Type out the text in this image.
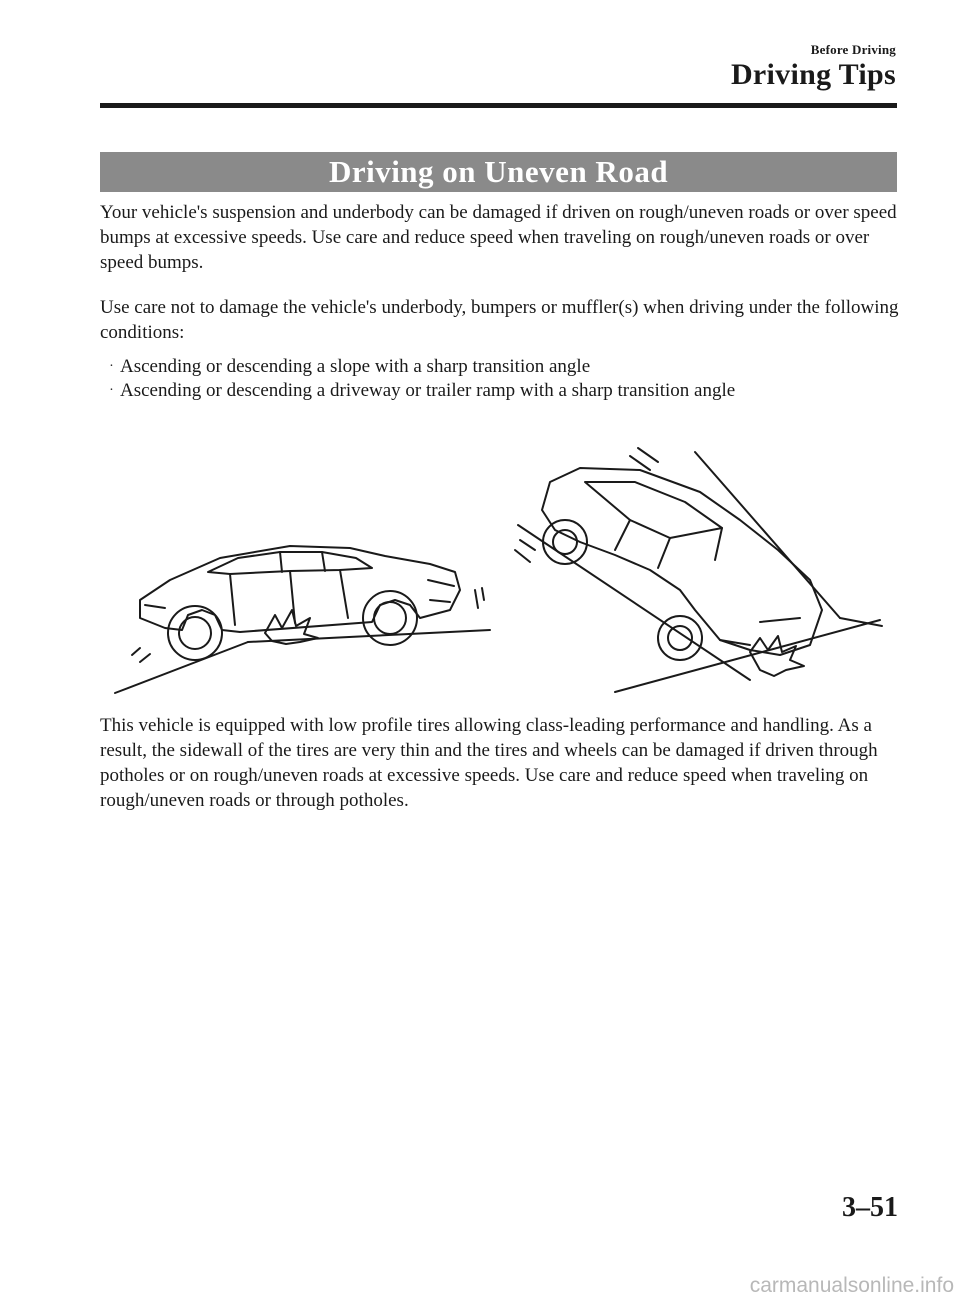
Before Driving
Driving Tips
Driving on Uneven Road

Your vehicle's suspension and underbody can be damaged if driven on rough/uneven roads or over speed bumps at excessive speeds. Use care and reduce speed when traveling on rough/uneven roads or over speed bumps.

Use care not to damage the vehicle's underbody, bumpers or muffler(s) when driving under the following conditions:

· Ascending or descending a slope with a sharp transition angle
· Ascending or descending a driveway or trailer ramp with a sharp transition angle

This vehicle is equipped with low profile tires allowing class-leading performance and handling. As a result, the sidewall of the tires are very thin and the tires and wheels can be damaged if driven through potholes or on rough/uneven roads at excessive speeds. Use care and reduce speed when traveling on rough/uneven roads or through potholes.

3–51
carmanualsonline.info
